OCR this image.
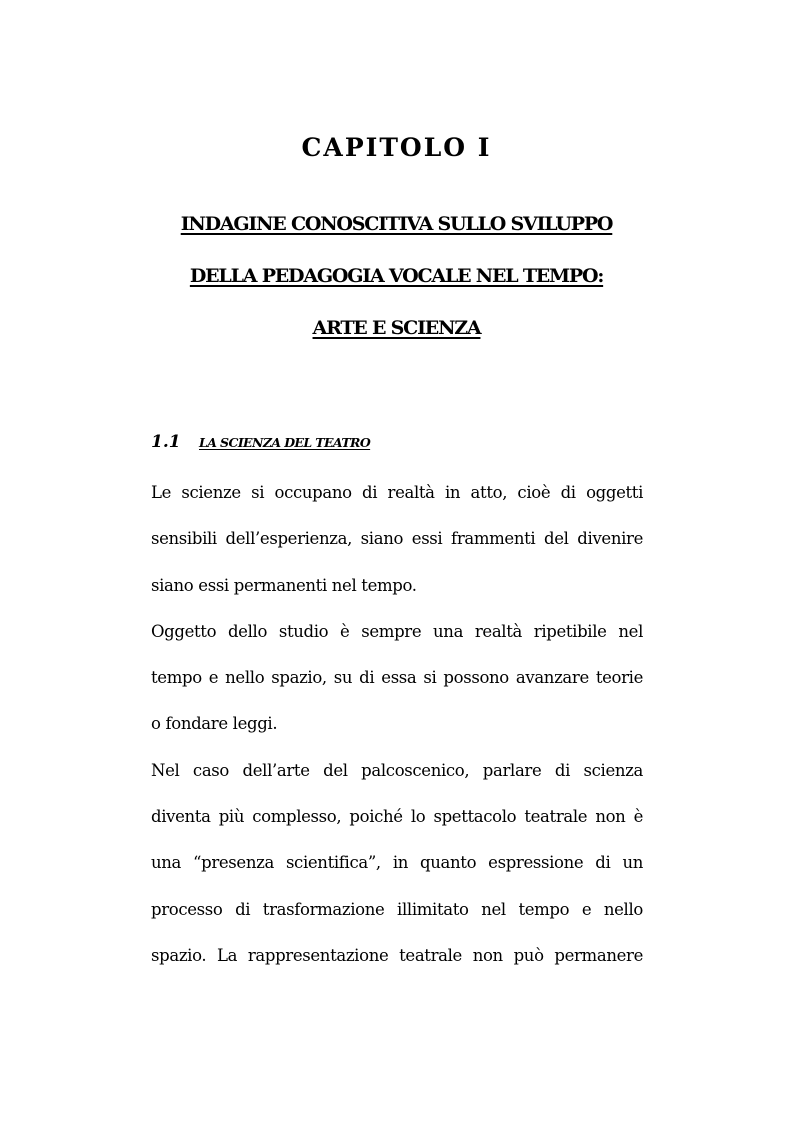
CAPITOLO I
INDAGINE CONOSCITIVA SULLO SVILUPPO
DELLA PEDAGOGIA VOCALE NEL TEMPO:
ARTE E SCIENZA
1.1 LA SCIENZA DEL TEATRO
Le scienze si occupano di realtà in atto, cioè di oggetti
sensibili dell’esperienza, siano essi frammenti del divenire
siano essi permanenti nel tempo.
Oggetto dello studio è sempre una realtà ripetibile nel
tempo e nello spazio, su di essa si possono avanzare teorie
o fondare leggi.
Nel caso dell’arte del palcoscenico, parlare di scienza
diventa più complesso, poiché lo spettacolo teatrale non è
una “presenza scientifica”, in quanto espressione di un
processo di trasformazione illimitato nel tempo e nello
spazio. La rappresentazione teatrale non può permanere
